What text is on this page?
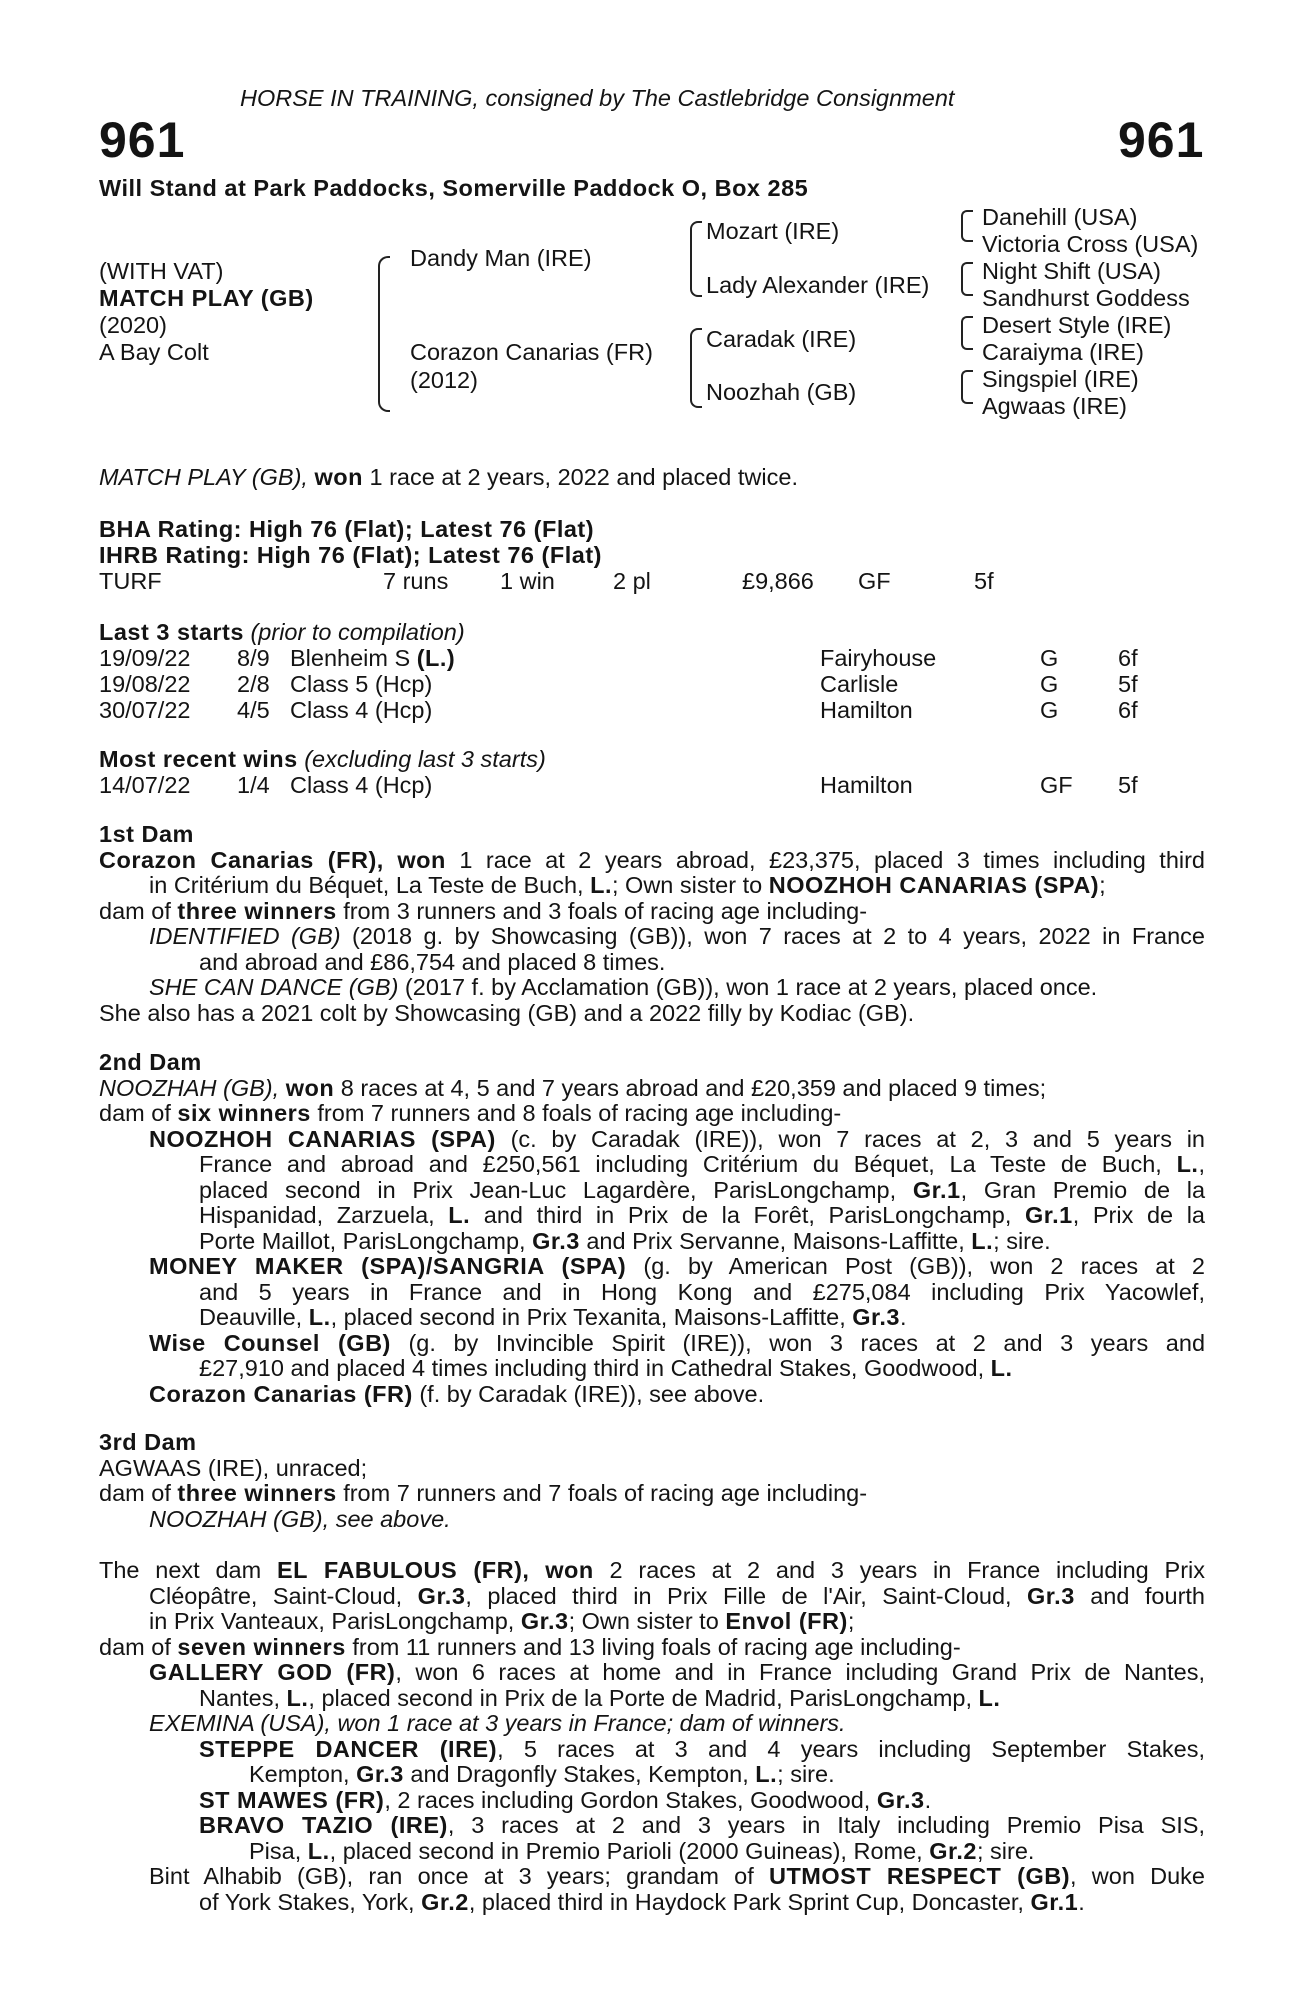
HORSE IN TRAINING, consigned by The Castlebridge Consignment
961	961
Will Stand at Park Paddocks, Somerville Paddock O, Box 285
(WITH VAT)
MATCH PLAY (GB)
(2020)
A Bay Colt
Dandy Man (IRE)
Corazon Canarias (FR)
(2012)
Mozart (IRE)
Lady Alexander (IRE)
Caradak (IRE)
Noozhah (GB)
Danehill (USA)
Victoria Cross (USA)
Night Shift (USA)
Sandhurst Goddess
Desert Style (IRE)
Caraiyma (IRE)
Singspiel (IRE)
Agwaas (IRE)
MATCH PLAY (GB), won 1 race at 2 years, 2022 and placed twice.
BHA Rating: High 76 (Flat); Latest 76 (Flat)
IHRB Rating: High 76 (Flat); Latest 76 (Flat)
TURF	7 runs 1 win 2 pl	£9,866 GF	5f
Last 3 starts (prior to compilation)
19/09/22 8/9 Blenheim S (L.)	Fairyhouse	G	6f
19/08/22 2/8 Class 5 (Hcp)	Carlisle	G	5f
30/07/22 4/5 Class 4 (Hcp)	Hamilton	G	6f
Most recent wins (excluding last 3 starts)
14/07/22 1/4 Class 4 (Hcp)	Hamilton	GF 5f
1st Dam
Corazon Canarias (FR), won 1 race at 2 years abroad, £23,375, placed 3 times including third
in Critérium du Béquet, La Teste de Buch, L.; Own sister to NOOZHOH CANARIAS (SPA);
dam of three winners from 3 runners and 3 foals of racing age including-
IDENTIFIED (GB) (2018 g. by Showcasing (GB)), won 7 races at 2 to 4 years, 2022 in France
and abroad and £86,754 and placed 8 times.
SHE CAN DANCE (GB) (2017 f. by Acclamation (GB)), won 1 race at 2 years, placed once.
She also has a 2021 colt by Showcasing (GB) and a 2022 filly by Kodiac (GB).
2nd Dam
NOOZHAH (GB), won 8 races at 4, 5 and 7 years abroad and £20,359 and placed 9 times;
dam of six winners from 7 runners and 8 foals of racing age including-
NOOZHOH CANARIAS (SPA) (c. by Caradak (IRE)), won 7 races at 2, 3 and 5 years in
France and abroad and £250,561 including Critérium du Béquet, La Teste de Buch, L.,
placed second in Prix Jean-Luc Lagardère, ParisLongchamp, Gr.1, Gran Premio de la
Hispanidad, Zarzuela, L. and third in Prix de la Forêt, ParisLongchamp, Gr.1, Prix de la
Porte Maillot, ParisLongchamp, Gr.3 and Prix Servanne, Maisons-Laffitte, L.; sire.
MONEY MAKER (SPA)/SANGRIA (SPA) (g. by American Post (GB)), won 2 races at 2
and 5 years in France and in Hong Kong and £275,084 including Prix Yacowlef,
Deauville, L., placed second in Prix Texanita, Maisons-Laffitte, Gr.3.
Wise Counsel (GB) (g. by Invincible Spirit (IRE)), won 3 races at 2 and 3 years and
£27,910 and placed 4 times including third in Cathedral Stakes, Goodwood, L.
Corazon Canarias (FR) (f. by Caradak (IRE)), see above.
3rd Dam
AGWAAS (IRE), unraced;
dam of three winners from 7 runners and 7 foals of racing age including-
NOOZHAH (GB), see above.
The next dam EL FABULOUS (FR), won 2 races at 2 and 3 years in France including Prix
Cléopâtre, Saint-Cloud, Gr.3, placed third in Prix Fille de l'Air, Saint-Cloud, Gr.3 and fourth
in Prix Vanteaux, ParisLongchamp, Gr.3; Own sister to Envol (FR);
dam of seven winners from 11 runners and 13 living foals of racing age including-
GALLERY GOD (FR), won 6 races at home and in France including Grand Prix de Nantes,
Nantes, L., placed second in Prix de la Porte de Madrid, ParisLongchamp, L.
EXEMINA (USA), won 1 race at 3 years in France; dam of winners.
STEPPE DANCER (IRE), 5 races at 3 and 4 years including September Stakes,
Kempton, Gr.3 and Dragonfly Stakes, Kempton, L.; sire.
ST MAWES (FR), 2 races including Gordon Stakes, Goodwood, Gr.3.
BRAVO TAZIO (IRE), 3 races at 2 and 3 years in Italy including Premio Pisa SIS,
Pisa, L., placed second in Premio Parioli (2000 Guineas), Rome, Gr.2; sire.
Bint Alhabib (GB), ran once at 3 years; grandam of UTMOST RESPECT (GB), won Duke
of York Stakes, York, Gr.2, placed third in Haydock Park Sprint Cup, Doncaster, Gr.1.
